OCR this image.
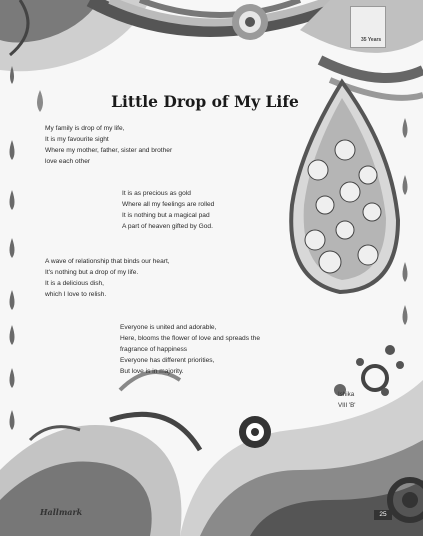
35 Years
Little Drop of My Life
My family is drop of my life,
It is my favourite sight
Where my mother, father, sister and brother
love each other
It is as precious as gold
Where all my feelings are rolled
It is nothing but a magical pad
A part of heaven gifted by God.
A wave of relationship that binds our heart,
It's nothing but a drop of my life.
It is a delicious dish,
which I love to relish.
Everyone is united and adorable,
Here, blooms the flower of love and spreads the
fragrance of happiness
Everyone has different priorities,
But love is in majority.
Ishika
VIII 'B'
Hallmark	25
